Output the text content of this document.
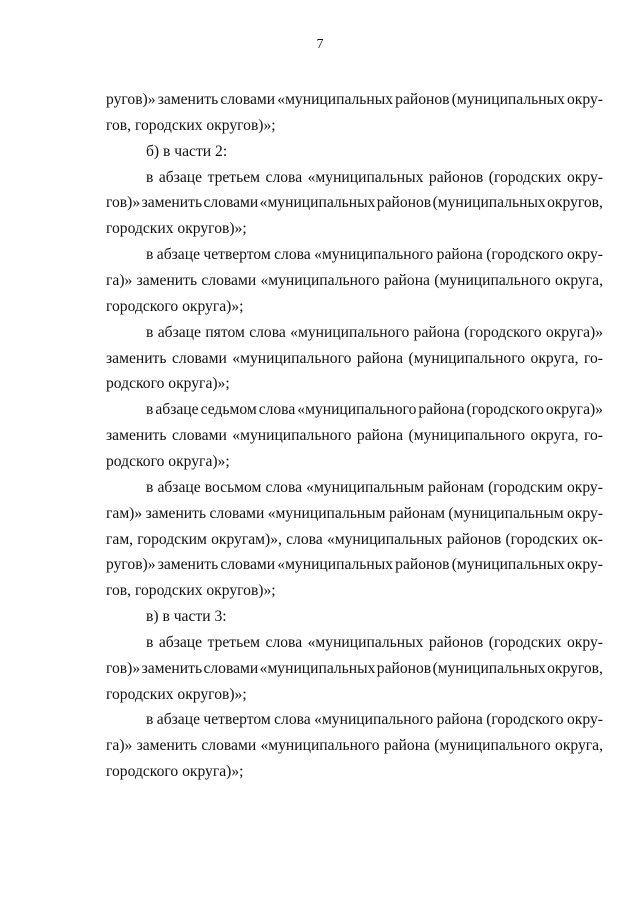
7
ругов)» заменить словами «муниципальных районов (муниципальных окру-
гов, городских округов)»;
б) в части 2:
в абзаце третьем слова «муниципальных районов (городских окру-
гов)» заменить словами «муниципальных районов (муниципальных округов,
городских округов)»;
в абзаце четвертом слова «муниципального района (городского окру-
га)» заменить словами «муниципального района (муниципального округа,
городского округа)»;
в абзаце пятом слова «муниципального района (городского округа)»
заменить словами «муниципального района (муниципального округа, го-
родского округа)»;
в абзаце седьмом слова «муниципального района (городского округа)»
заменить словами «муниципального района (муниципального округа, го-
родского округа)»;
в абзаце восьмом слова «муниципальным районам (городским окру-
гам)» заменить словами «муниципальным районам (муниципальным окру-
гам, городским округам)», слова «муниципальных районов (городских ок-
ругов)» заменить словами «муниципальных районов (муниципальных окру-
гов, городских округов)»;
в) в части 3:
в абзаце третьем слова «муниципальных районов (городских окру-
гов)» заменить словами «муниципальных районов (муниципальных округов,
городских округов)»;
в абзаце четвертом слова «муниципального района (городского окру-
га)» заменить словами «муниципального района (муниципального округа,
городского округа)»;
